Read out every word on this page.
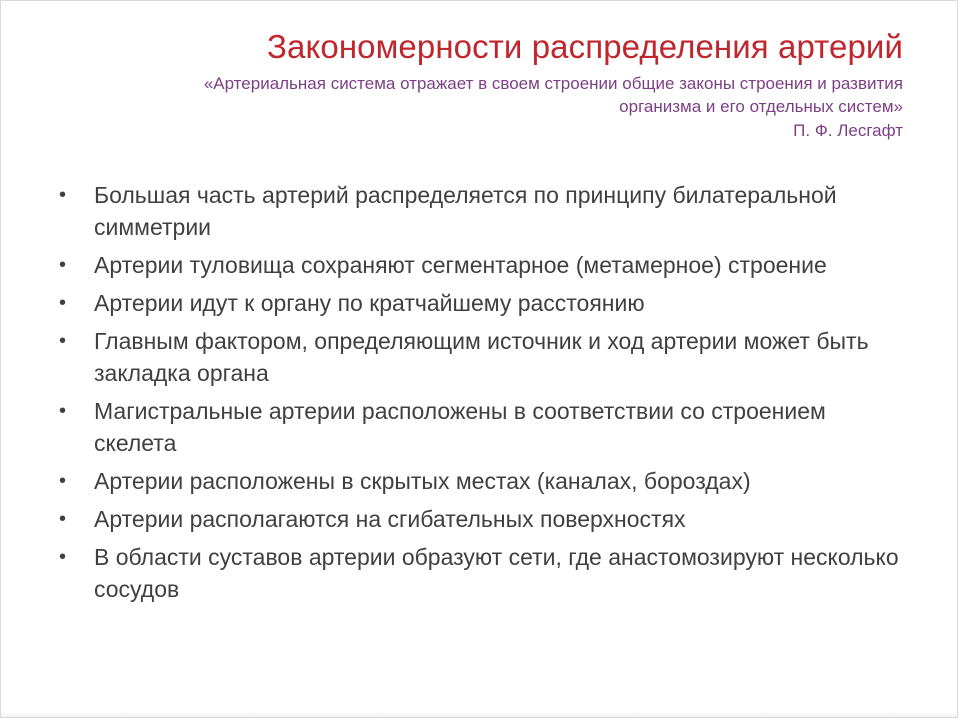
Закономерности распределения артерий
«Артериальная система отражает в своем строении общие законы строения и развития
организма и его отдельных систем»
П. Ф. Лесгафт
•	Большая часть артерий распределяется по принципу билатеральной симметрии
•	Артерии туловища сохраняют сегментарное (метамерное) строение
•	Артерии идут к органу по кратчайшему расстоянию
•	Главным фактором, определяющим источник и ход артерии может быть закладка органа
•	Магистральные артерии расположены в соответствии со строением скелета
•	Артерии расположены в скрытых местах (каналах, бороздах)
•	Артерии располагаются на сгибательных поверхностях
•	В области суставов артерии образуют сети, где анастомозируют несколько сосудов
